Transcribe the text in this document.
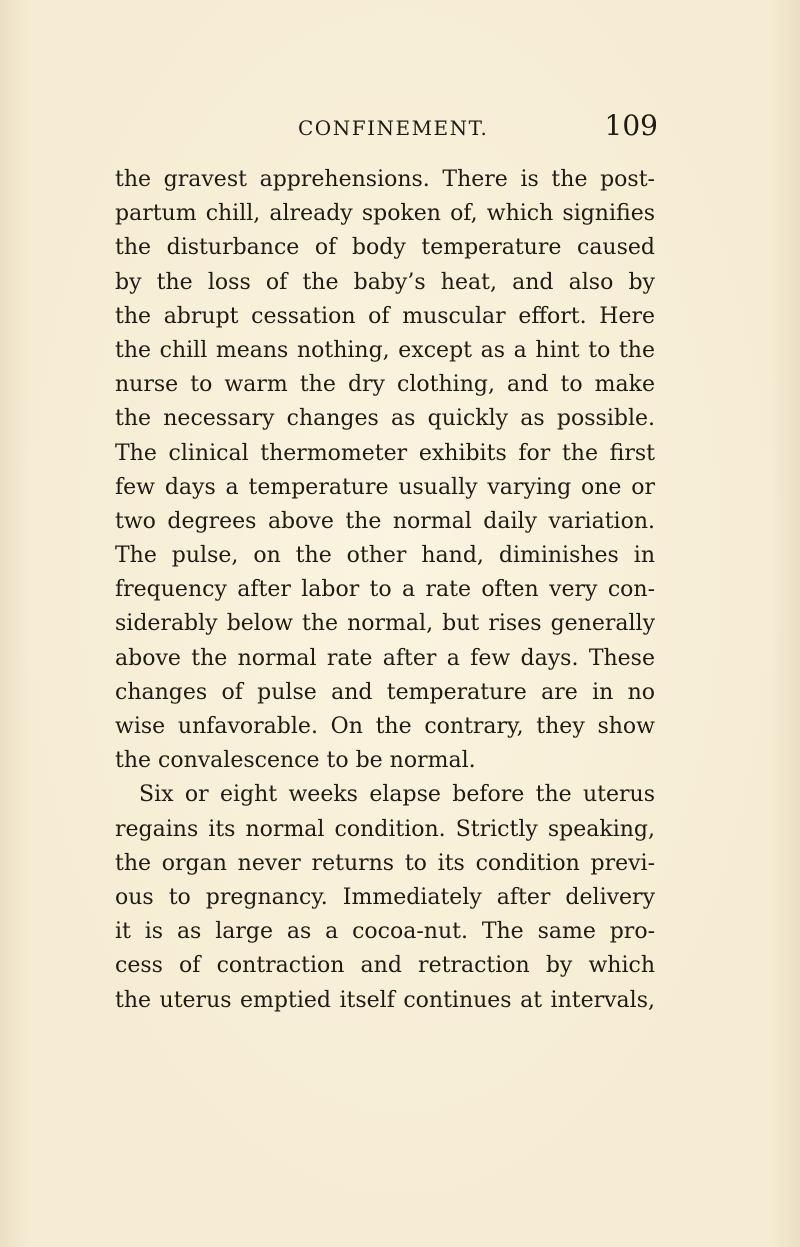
CONFINEMENT.	109
the gravest apprehensions. There is the post-
partum chill, already spoken of, which signifies
the disturbance of body temperature caused
by the loss of the baby’s heat, and also by
the abrupt cessation of muscular effort. Here
the chill means nothing, except as a hint to the
nurse to warm the dry clothing, and to make
the necessary changes as quickly as possible.
The clinical thermometer exhibits for the first
few days a temperature usually varying one or
two degrees above the normal daily variation.
The pulse, on the other hand, diminishes in
frequency after labor to a rate often very con-
siderably below the normal, but rises generally
above the normal rate after a few days. These
changes of pulse and temperature are in no
wise unfavorable. On the contrary, they show
the convalescence to be normal.
Six or eight weeks elapse before the uterus
regains its normal condition. Strictly speaking,
the organ never returns to its condition previ-
ous to pregnancy. Immediately after delivery
it is as large as a cocoa-nut. The same pro-
cess of contraction and retraction by which
the uterus emptied itself continues at intervals,
